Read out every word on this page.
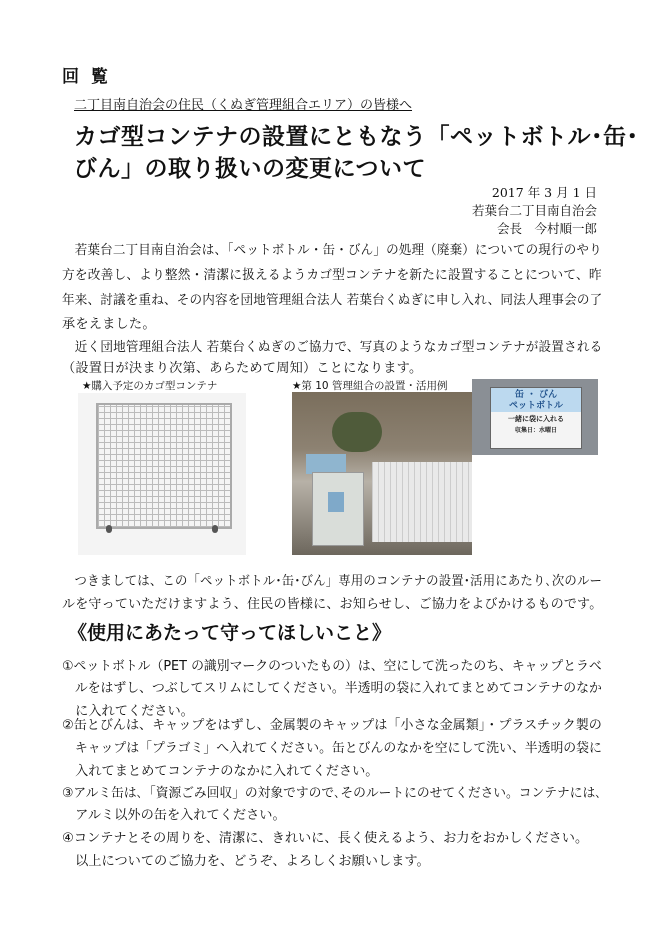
回 覧
二丁目南自治会の住民（くぬぎ管理組合エリア）の皆様へ
カゴ型コンテナの設置にともなう「ペットボトル･缶･
びん」の取り扱いの変更について
2017 年 3 月 1 日
若葉台二丁目南自治会
会長　今村順一郎
　若葉台二丁目南自治会は、「ペットボトル・缶・びん」の処理（廃棄）についての現行のやり
方を改善し、より整然・清潔に扱えるようカゴ型コンテナを新たに設置することについて、昨
年来、討議を重ね、その内容を団地管理組合法人 若葉台くぬぎに申し入れ、同法人理事会の了
承をえました。
　近く団地管理組合法人 若葉台くぬぎのご協力で、写真のようなカゴ型コンテナが設置される
（設置日が決まり次第、あらためて周知）ことになります。
★購入予定のカゴ型コンテナ	★第 10 管理組合の設置・活用例
缶 ・ びん
ペットボトル
一緒に袋に入れる
収集日：水曜日
　つきましては、この「ペットボトル･缶･びん」専用のコンテナの設置･活用にあたり､次のルー
ルを守っていただけますよう、住民の皆様に、お知らせし、ご協力をよびかけるものです。
《使用にあたって守ってほしいこと》
①ペットボトル（PET の識別マークのついたもの）は、空にして洗ったのち、キャップとラベ
　ルをはずし、つぶしてスリムにしてください。半透明の袋に入れてまとめてコンテナのなか
　に入れてください。
②缶とびんは、キャップをはずし、金属製のキャップは「小さな金属類」・プラスチック製の
　キャップは「プラゴミ」へ入れてください。缶とびんのなかを空にして洗い、半透明の袋に
　入れてまとめてコンテナのなかに入れてください。
③アルミ缶は､「資源ごみ回収」の対象ですので､そのルートにのせてください。コンテナには､
　アルミ以外の缶を入れてください。
④コンテナとその周りを、清潔に、きれいに、長く使えるよう、お力をおかしください。
　以上についてのご協力を、どうぞ、よろしくお願いします。
